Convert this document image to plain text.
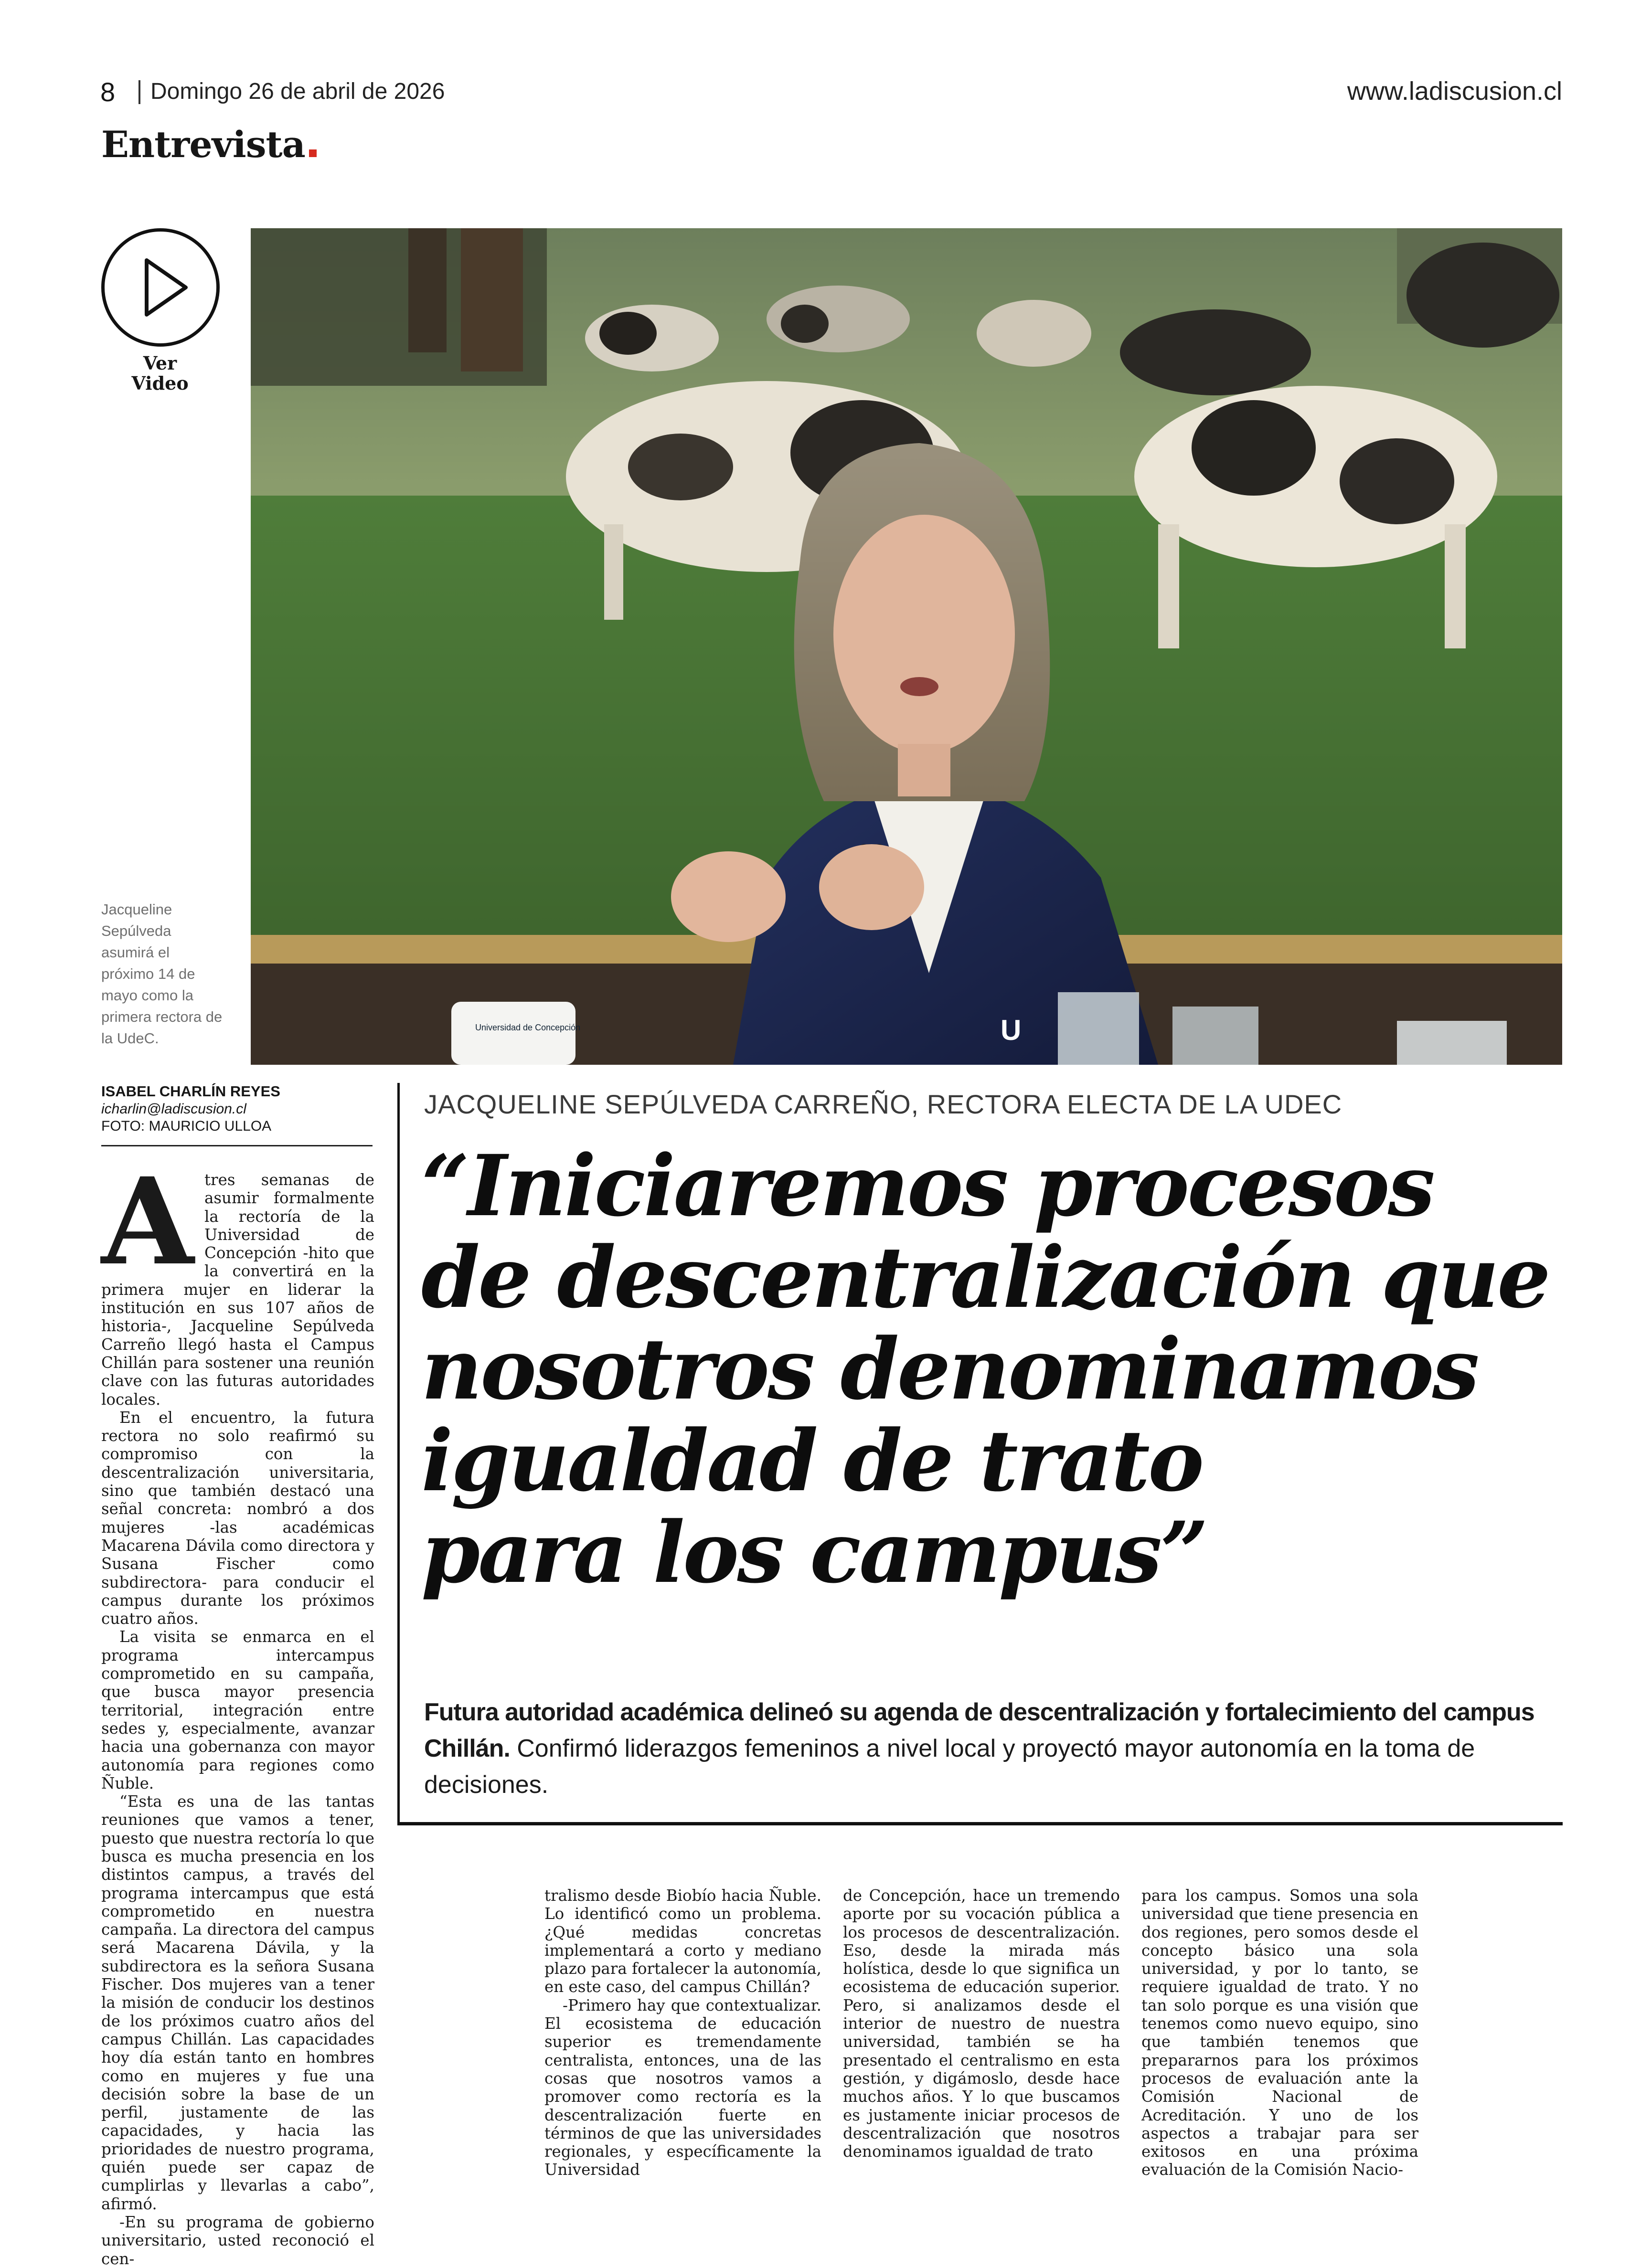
8 Domingo 26 de abril de 2026	www.ladiscusion.cl
Entrevista
Ver
Video
Universidad de Concepción	U
Jacqueline Sepúlveda asumirá el próximo 14 de mayo como la primera rectora de la UdeC.
ISABEL CHARLÍN REYES
icharlin@ladiscusion.cl
FOTO: MAURICIO ULLOA
JACQUELINE SEPÚLVEDA CARREÑO, RECTORA ELECTA DE LA UDEC
“Iniciaremos procesos
de descentralización que
nosotros denominamos
igualdad de trato
para los campus”
Futura autoridad académica delineó su agenda de descentralización y fortalecimiento del campus Chillán. Confirmó liderazgos femeninos a nivel local y proyectó mayor autonomía en la toma de decisiones.

Atres semanas de asumir formalmente la rectoría de la Universidad de Concepción -hito que la convertirá en la primera mujer en liderar la institución en sus 107 años de historia-, Jacqueline Sepúlveda Carreño llegó hasta el Campus Chillán para sostener una reunión clave con las futuras autoridades locales.

En el encuentro, la futura rectora no solo reafirmó su compromiso con la descentralización universitaria, sino que también destacó una señal concreta: nombró a dos mujeres -las académicas Macarena Dávila como directora y Susana Fischer como subdirectora- para conducir el campus durante los próximos cuatro años.

La visita se enmarca en el programa intercampus comprometido en su campaña, que busca mayor presencia territorial, integración entre sedes y, especialmente, avanzar hacia una gobernanza con mayor autonomía para regiones como Ñuble.

“Esta es una de las tantas reuniones que vamos a tener, puesto que nuestra rectoría lo que busca es mucha presencia en los distintos campus, a través del programa intercampus que está comprometido en nuestra campaña. La directora del campus será Macarena Dávila, y la subdirectora es la señora Susana Fischer. Dos mujeres van a tener la misión de conducir los destinos de los próximos cuatro años del campus Chillán. Las capacidades hoy día están tanto en hombres como en mujeres y fue una decisión sobre la base de un perfil, justamente de las capacidades, y hacia las prioridades de nuestro programa, quién puede ser capaz de cumplirlas y llevarlas a cabo”, afirmó.

-En su programa de gobierno universitario, usted reconoció el cen-

tralismo desde Biobío hacia Ñuble. Lo identificó como un problema. ¿Qué medidas concretas implementará a corto y mediano plazo para fortalecer la autonomía, en este caso, del campus Chillán?

-Primero hay que contextualizar. El ecosistema de educación superior es tremendamente centralista, entonces, una de las cosas que nosotros vamos a promover como rectoría es la descentralización fuerte en términos de que las universidades regionales, y específicamente la Universidad

de Concepción, hace un tremendo aporte por su vocación pública a los procesos de descentralización. Eso, desde la mirada más holística, desde lo que significa un ecosistema de educación superior. Pero, si analizamos desde el interior de nuestro de nuestra universidad, también se ha presentado el centralismo en esta gestión, y digámoslo, desde hace muchos años. Y lo que buscamos es justamente iniciar procesos de descentralización que nosotros denominamos igualdad de trato

para los campus. Somos una sola universidad que tiene presencia en dos regiones, pero somos desde el concepto básico una sola universidad, y por lo tanto, se requiere igualdad de trato. Y no tan solo porque es una visión que tenemos como nuevo equipo, sino que también tenemos que prepararnos para los próximos procesos de evaluación ante la Comisión Nacional de Acreditación. Y uno de los aspectos a trabajar para ser exitosos en una próxima evaluación de la Comisión Nacio-
